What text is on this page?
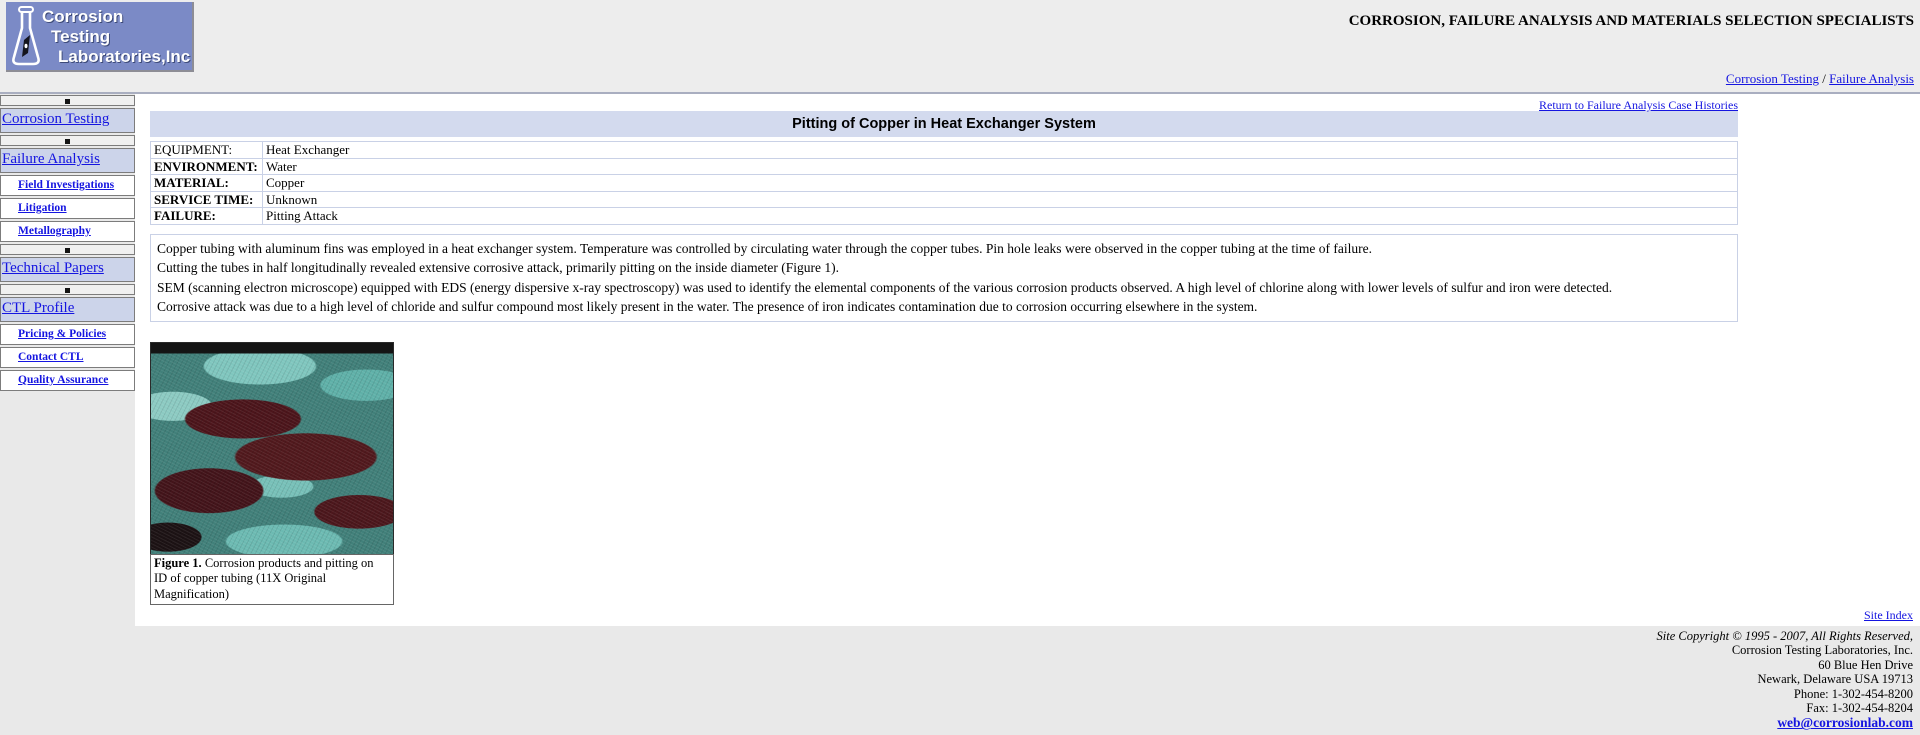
Corrosion
Testing
Laboratories,Inc
CORROSION, FAILURE ANALYSIS AND MATERIALS SELECTION SPECIALISTS
Corrosion Testing / Failure Analysis
Corrosion Testing
Failure Analysis
Field Investigations
Litigation
Metallography
Technical Papers
CTL Profile
Pricing & Policies
Contact CTL
Quality Assurance
Return to Failure Analysis Case Histories
Pitting of Copper in Heat Exchanger System
EQUIPMENT:	Heat Exchanger
ENVIRONMENT:	Water
MATERIAL:	Copper
SERVICE TIME:	Unknown
FAILURE:	Pitting Attack

Copper tubing with aluminum fins was employed in a heat exchanger system. Temperature was controlled by circulating water through the copper tubes. Pin hole leaks were observed in the copper tubing at the time of failure.

Cutting the tubes in half longitudinally revealed extensive corrosive attack, primarily pitting on the inside diameter (Figure 1).

SEM (scanning electron microscope) equipped with EDS (energy dispersive x-ray spectroscopy) was used to identify the elemental components of the various corrosion products observed. A high level of chlorine along with lower levels of sulfur and iron were detected.

Corrosive attack was due to a high level of chloride and sulfur compound most likely present in the water. The presence of iron indicates contamination due to corrosion occurring elsewhere in the system.

Figure 1. Corrosion products and pitting on ID of copper tubing (11X Original Magnification)
Site Index
Site Copyright © 1995 - 2007, All Rights Reserved,
Corrosion Testing Laboratories, Inc.
60 Blue Hen Drive
Newark, Delaware USA 19713
Phone: 1-302-454-8200
Fax: 1-302-454-8204
web@corrosionlab.com
